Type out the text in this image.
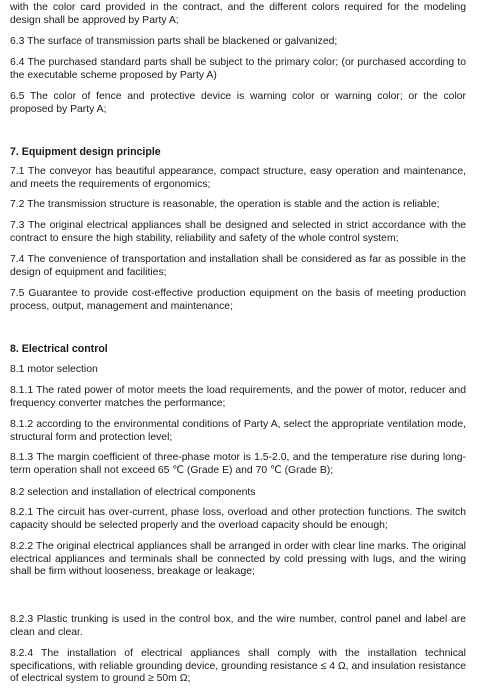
with the color card provided in the contract, and the different colors required for the modeling design shall be approved by Party A;

6.3 The surface of transmission parts shall be blackened or galvanized;

6.4 The purchased standard parts shall be subject to the primary color; (or purchased according to the executable scheme proposed by Party A)

6.5 The color of fence and protective device is warning color or warning color; or the color proposed by Party A;

7. Equipment design principle

7.1 The conveyor has beautiful appearance, compact structure, easy operation and maintenance, and meets the requirements of ergonomics;

7.2 The transmission structure is reasonable, the operation is stable and the action is reliable;

7.3 The original electrical appliances shall be designed and selected in strict accordance with the contract to ensure the high stability, reliability and safety of the whole control system;

7.4 The convenience of transportation and installation shall be considered as far as possible in the design of equipment and facilities;

7.5 Guarantee to provide cost-effective production equipment on the basis of meeting production process, output, management and maintenance;

8. Electrical control

8.1 motor selection

8.1.1 The rated power of motor meets the load requirements, and the power of motor, reducer and frequency converter matches the performance;

8.1.2 according to the environmental conditions of Party A, select the appropriate ventilation mode, structural form and protection level;

8.1.3 The margin coefficient of three-phase motor is 1.5-2.0, and the temperature rise during long-term operation shall not exceed 65 ℃ (Grade E) and 70 ℃ (Grade B);

8.2 selection and installation of electrical components

8.2.1 The circuit has over-current, phase loss, overload and other protection functions. The switch capacity should be selected properly and the overload capacity should be enough;

8.2.2 The original electrical appliances shall be arranged in order with clear line marks. The original electrical appliances and terminals shall be connected by cold pressing with lugs, and the wiring shall be firm without looseness, breakage or leakage;

8.2.3 Plastic trunking is used in the control box, and the wire number, control panel and label are clean and clear.

8.2.4 The installation of electrical appliances shall comply with the installation technical specifications, with reliable grounding device, grounding resistance ≤ 4 Ω, and insulation resistance of electrical system to ground ≥ 50m Ω;
